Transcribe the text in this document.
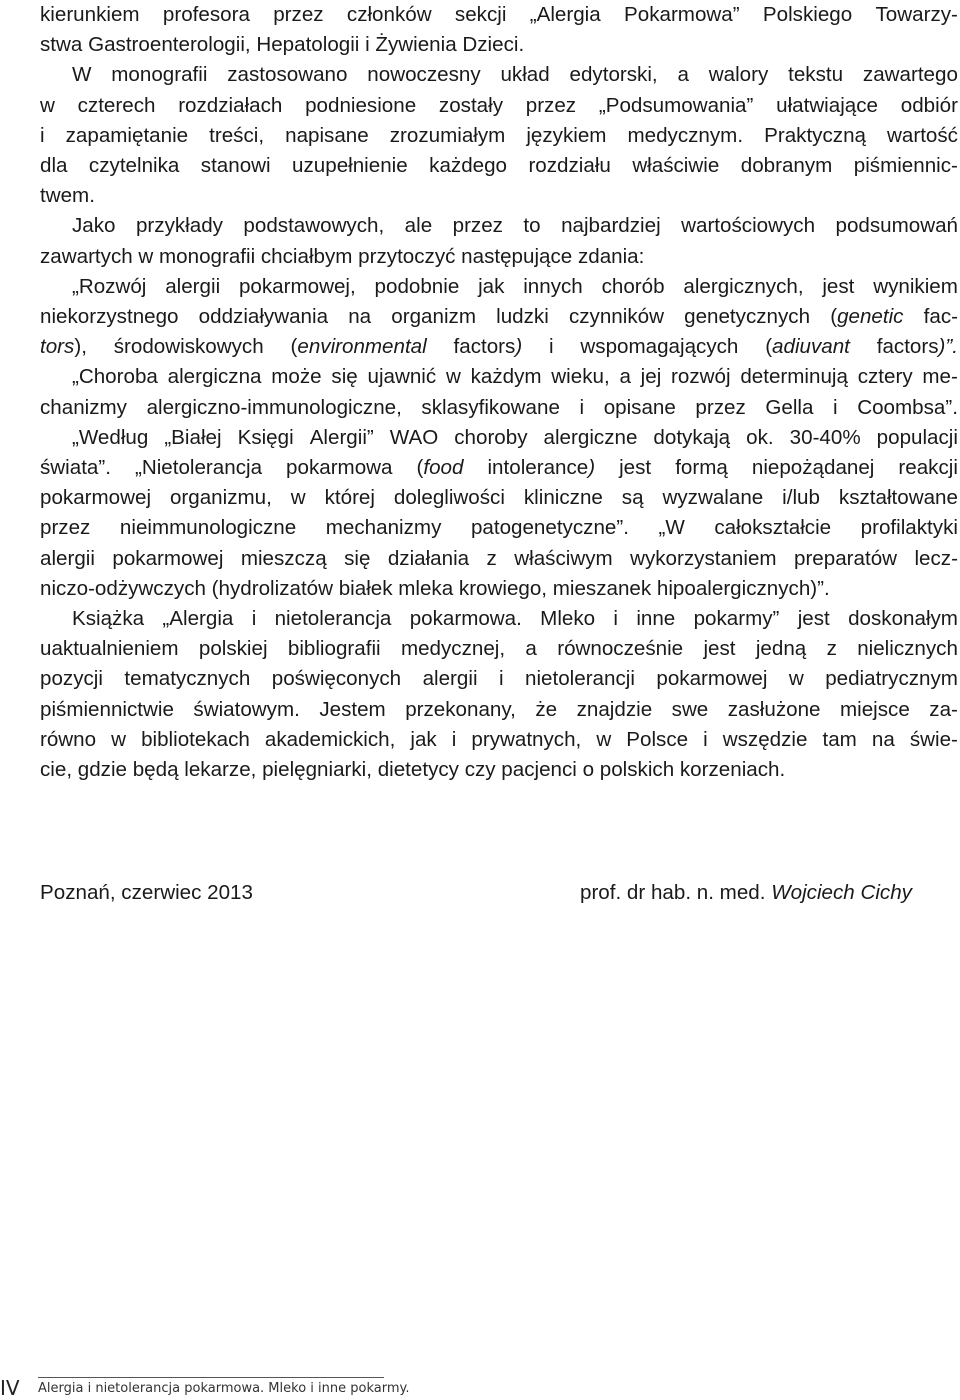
kierunkiem profesora przez członków sekcji „Alergia Pokarmowa” Polskiego Towarzy-
stwa Gastroenterologii, Hepatologii i Żywienia Dzieci.
W monografii zastosowano nowoczesny układ edytorski, a walory tekstu zawartego
w czterech rozdziałach podniesione zostały przez „Podsumowania” ułatwiające odbiór
i zapamiętanie treści, napisane zrozumiałym językiem medycznym. Praktyczną wartość
dla czytelnika stanowi uzupełnienie każdego rozdziału właściwie dobranym piśmiennic-
twem.
Jako przykłady podstawowych, ale przez to najbardziej wartościowych podsumowań
zawartych w monografii chciałbym przytoczyć następujące zdania:
„Rozwój alergii pokarmowej, podobnie jak innych chorób alergicznych, jest wynikiem
niekorzystnego oddziaływania na organizm ludzki czynników genetycznych (genetic fac-
tors), środowiskowych (environmental factors) i wspomagających (adiuvant factors)”.
„Choroba alergiczna może się ujawnić w każdym wieku, a jej rozwój determinują cztery me-
chanizmy alergiczno-immunologiczne, sklasyfikowane i opisane przez Gella i Coombsa”.
„Według „Białej Księgi Alergii” WAO choroby alergiczne dotykają ok. 30-40% populacji
świata”. „Nietolerancja pokarmowa (food intolerance) jest formą niepożądanej reakcji
pokarmowej organizmu, w której dolegliwości kliniczne są wyzwalane i/lub kształtowane
przez nieimmunologiczne mechanizmy patogenetyczne”. „W całokształcie profilaktyki
alergii pokarmowej mieszczą się działania z właściwym wykorzystaniem preparatów lecz-
niczo-odżywczych (hydrolizatów białek mleka krowiego, mieszanek hipoalergicznych)”.
Książka „Alergia i nietolerancja pokarmowa. Mleko i inne pokarmy” jest doskonałym
uaktualnieniem polskiej bibliografii medycznej, a równocześnie jest jedną z nielicznych
pozycji tematycznych poświęconych alergii i nietolerancji pokarmowej w pediatrycznym
piśmiennictwie światowym. Jestem przekonany, że znajdzie swe zasłużone miejsce za-
równo w bibliotekach akademickich, jak i prywatnych, w Polsce i wszędzie tam na świe-
cie, gdzie będą lekarze, pielęgniarki, dietetycy czy pacjenci o polskich korzeniach.
Poznań, czerwiec 2013	prof. dr hab. n. med. Wojciech Cichy
IV Alergia i nietolerancja pokarmowa. Mleko i inne pokarmy.
